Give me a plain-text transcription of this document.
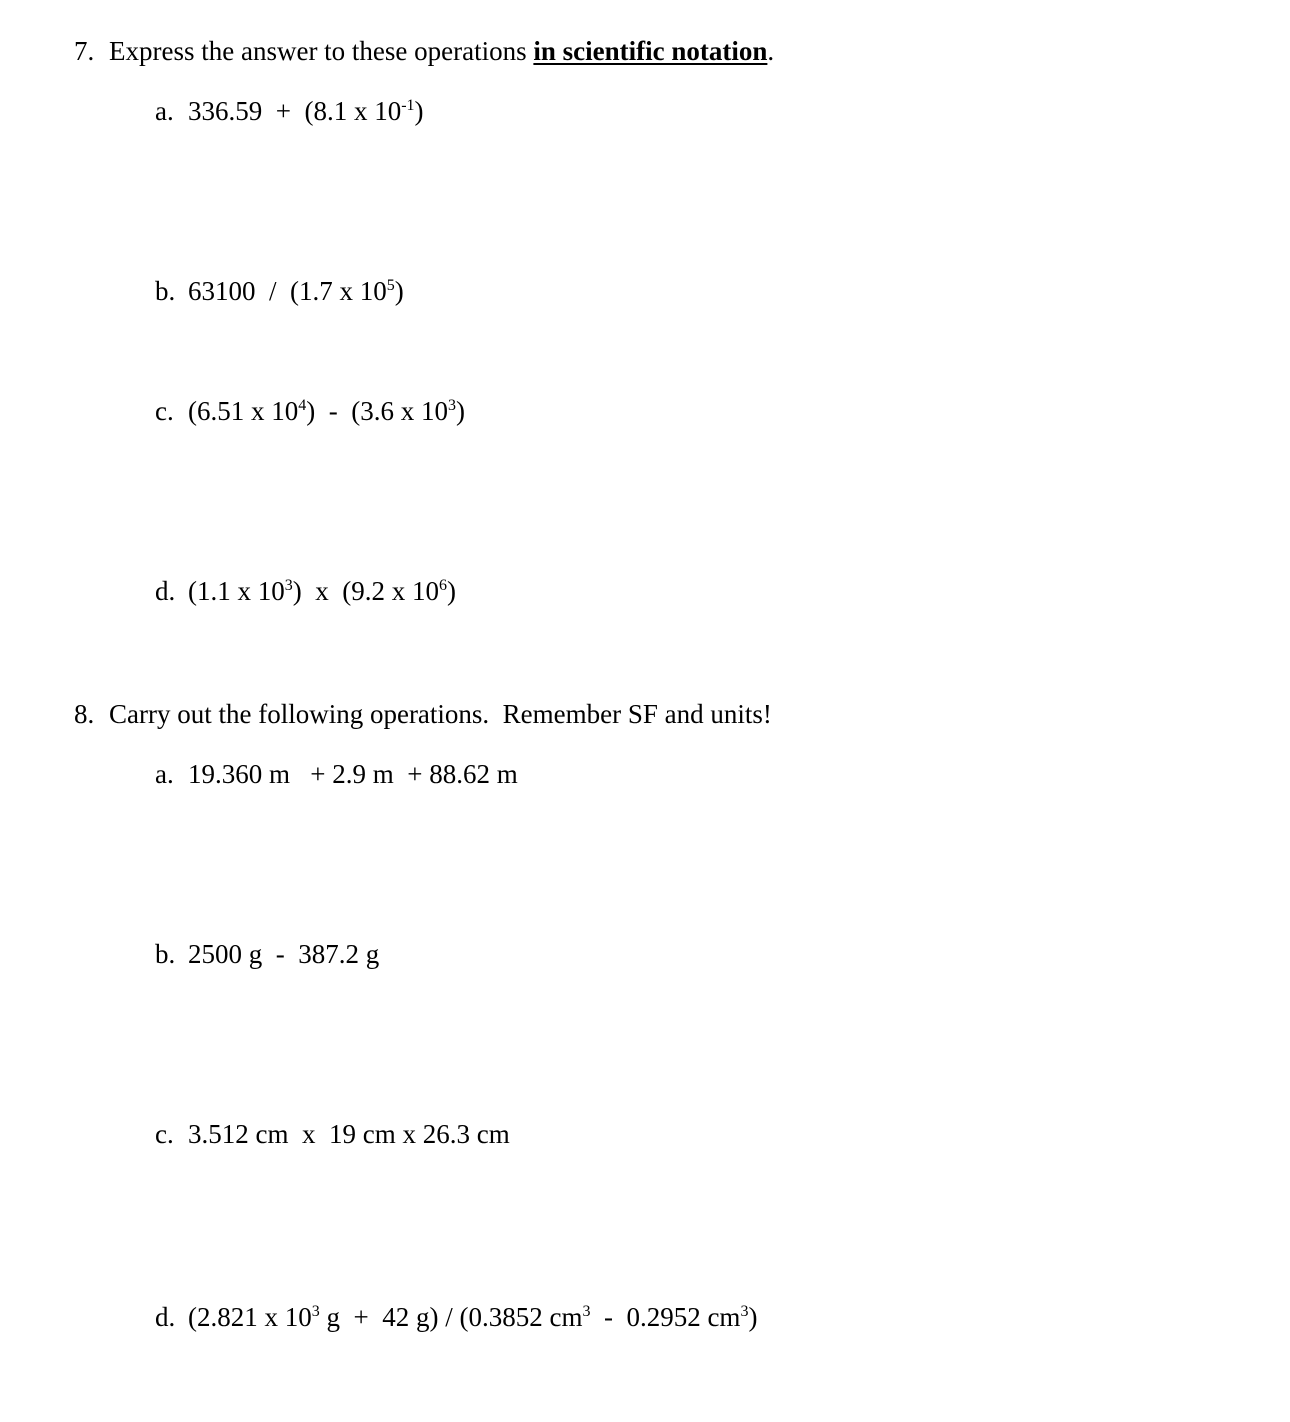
7. Express the answer to these operations in scientific notation.
a. 336.59  +  (8.1 x $10^{-1}$)
b. 63100  /  (1.7 x $10^5$)
c. (6.51 x $10^4) - (3.6$ x $10^3$)
d. (1.1 x $10^3$)  x  (9.2 x $10^6$)
8. Carry out the following operations.  Remember SF and units!
a. 19.360 m   + 2.9 m  + 88.62 m
b. 2500 g  -  387.2 g
c. 3.512 cm  x  19 cm x 26.3 cm
d. (2.821 x $10^3$ g  +  42 g) / (0.3852 $cm^3 - 0.2952$ $cm^3$)
